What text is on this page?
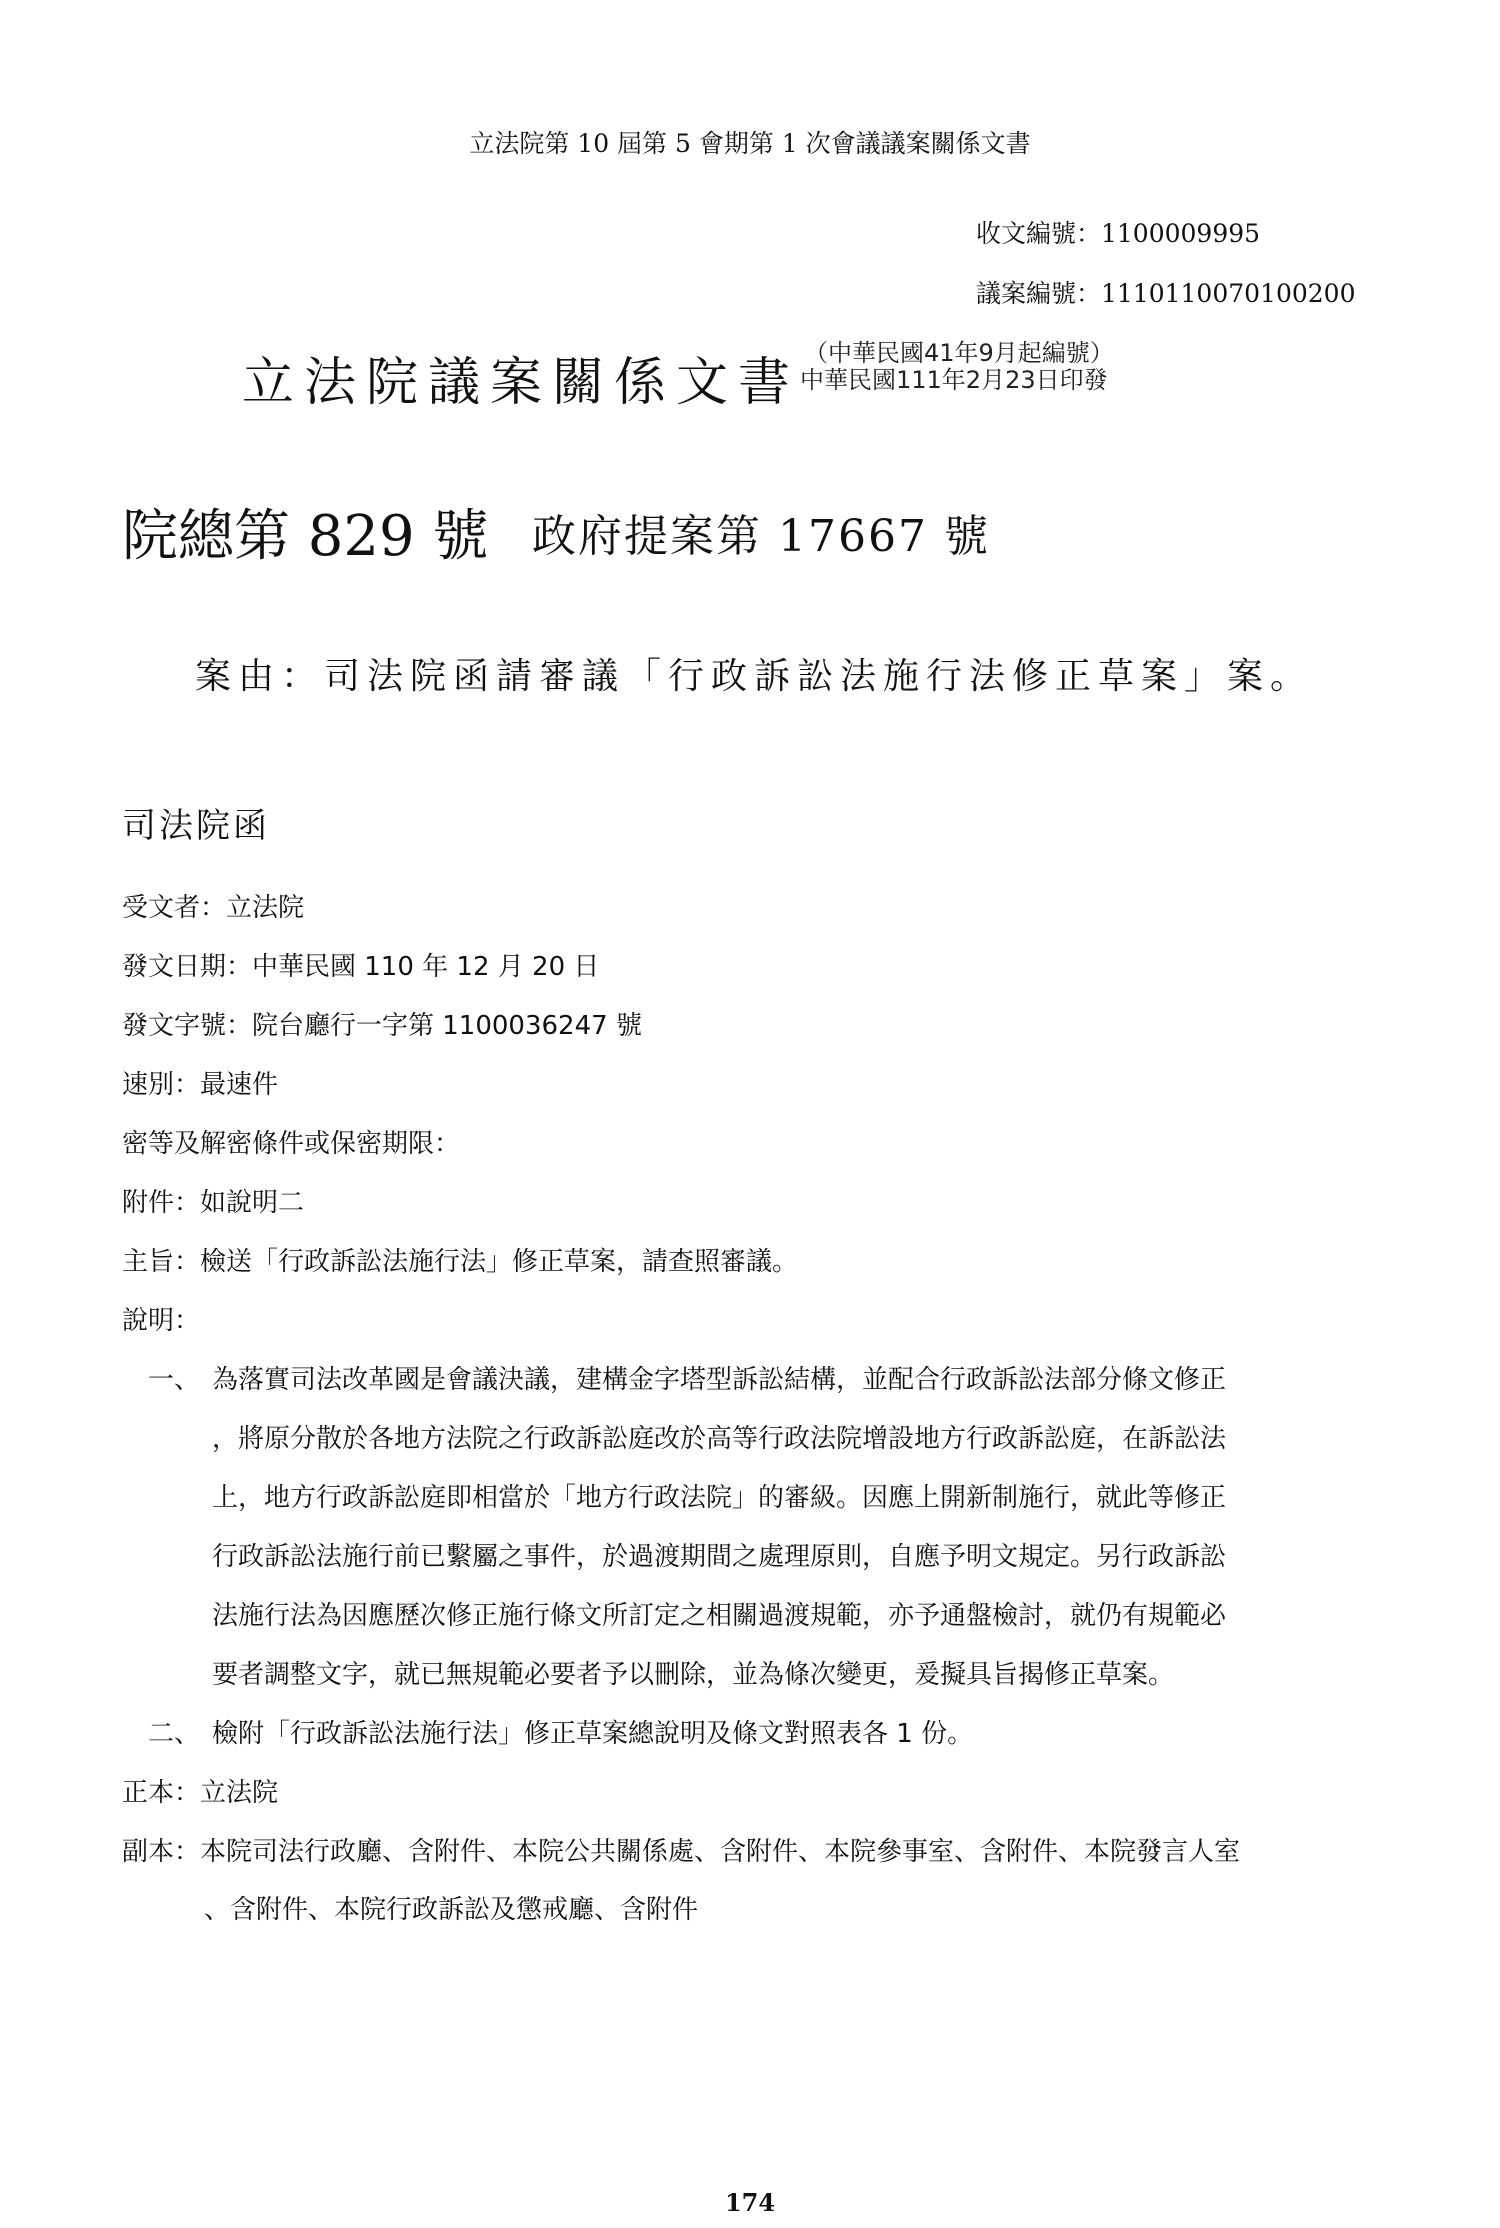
立法院第 10 屆第 5 會期第 1 次會議議案關係文書
收文編號：1100009995
議案編號：1110110070100200
立法院議案關係文書 （中華民國41年9月起編號）
中華民國111年2月23日印發
院總第 829 號 政府提案第 17667 號
案由：司法院函請審議「行政訴訟法施行法修正草案」案。
司法院函
受文者：立法院
發文日期：中華民國 110 年 12 月 20 日
發文字號：院台廳行一字第 1100036247 號
速別：最速件
密等及解密條件或保密期限：
附件：如說明二
主旨：檢送「行政訴訟法施行法」修正草案，請查照審議。
說明：
一、 為落實司法改革國是會議決議，建構金字塔型訴訟結構，並配合行政訴訟法部分條文修正
，將原分散於各地方法院之行政訴訟庭改於高等行政法院增設地方行政訴訟庭，在訴訟法
上，地方行政訴訟庭即相當於「地方行政法院」的審級。因應上開新制施行，就此等修正
行政訴訟法施行前已繫屬之事件，於過渡期間之處理原則，自應予明文規定。另行政訴訟
法施行法為因應歷次修正施行條文所訂定之相關過渡規範，亦予通盤檢討，就仍有規範必
要者調整文字，就已無規範必要者予以刪除，並為條次變更，爰擬具旨揭修正草案。
二、 檢附「行政訴訟法施行法」修正草案總說明及條文對照表各 1 份。
正本：立法院
副本：本院司法行政廳、含附件、本院公共關係處、含附件、本院參事室、含附件、本院發言人室
、含附件、本院行政訴訟及懲戒廳、含附件
174
